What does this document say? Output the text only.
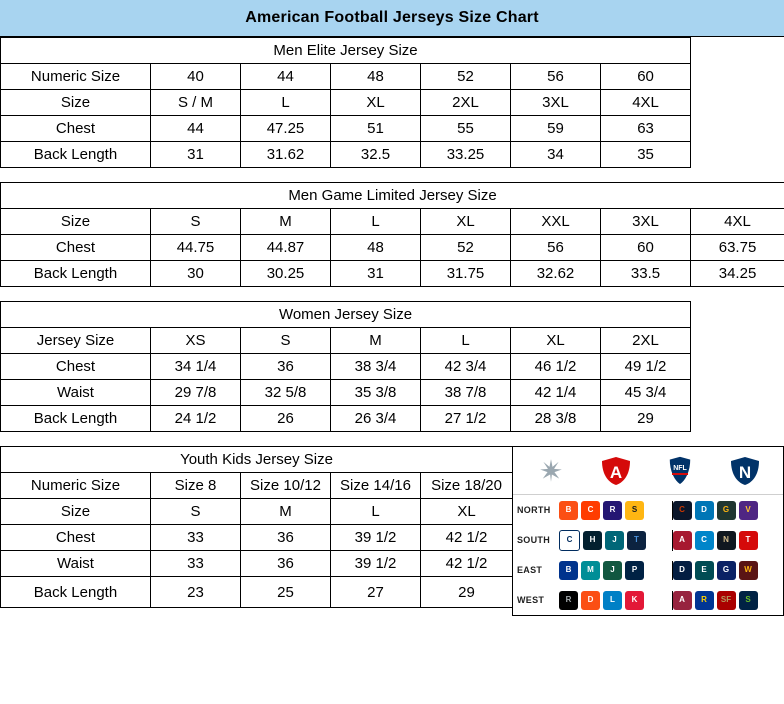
American Football Jerseys Size Chart
Men Elite Jersey Size							
Numeric Size	40	44	48	52	56	60	
Size	S / M	L	XL	2XL	3XL	4XL	
Chest	44	47.25	51	55	59	63	
Back Length	31	31.62	32.5	33.25	34	35	
Men Game Limited Jersey Size							
Size	S	M	L	XL	XXL	3XL	4XL
Chest	44.75	44.87	48	52	56	60	63.75
Back Length	30	30.25	31	31.75	32.62	33.5	34.25
Women Jersey Size							
Jersey Size	XS	S	M	L	XL	2XL	
Chest	34 1/4	36	38 3/4	42 3/4	46 1/2	49 1/2	
Waist	29 7/8	32 5/8	35 3/8	38 7/8	42 1/4	45 3/4	
Back Length	24 1/2	26	26 3/4	27 1/2	28 3/8	29	
Youth Kids Jersey Size				
Numeric Size	Size 8	Size 10/12	Size 14/16	Size 18/20
Size	S	M	L	XL
Chest	33	36	39 1/2	42 1/2
Waist	33	36	39 1/2	42 1/2
Back Length	23	25	27	29
A	NFL	N
NORTH	B C R S	C D G V
SOUTH	C H J T	A C N T
EAST	B M J P	D E G W
WEST	R D L K	A R SF S
